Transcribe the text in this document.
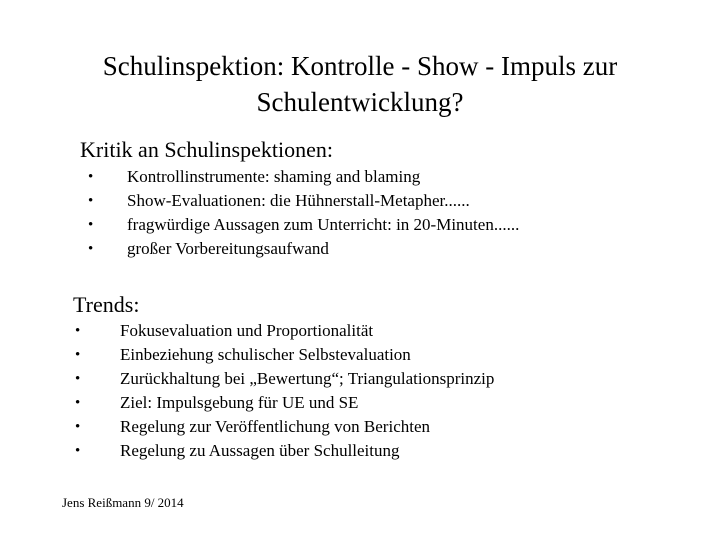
Schulinspektion: Kontrolle - Show - Impuls zur
Schulentwicklung?
Kritik an Schulinspektionen:
• Kontrollinstrumente: shaming and blaming
• Show-Evaluationen: die Hühnerstall-Metapher......
• fragwürdige Aussagen zum Unterricht: in 20-Minuten......
• großer Vorbereitungsaufwand
Trends:
• Fokusevaluation und Proportionalität
• Einbeziehung schulischer Selbstevaluation
• Zurückhaltung bei „Bewertung“; Triangulationsprinzip
• Ziel: Impulsgebung für UE und SE
• Regelung zur Veröffentlichung von Berichten
• Regelung zu Aussagen über Schulleitung
Jens Reißmann 9/ 2014
